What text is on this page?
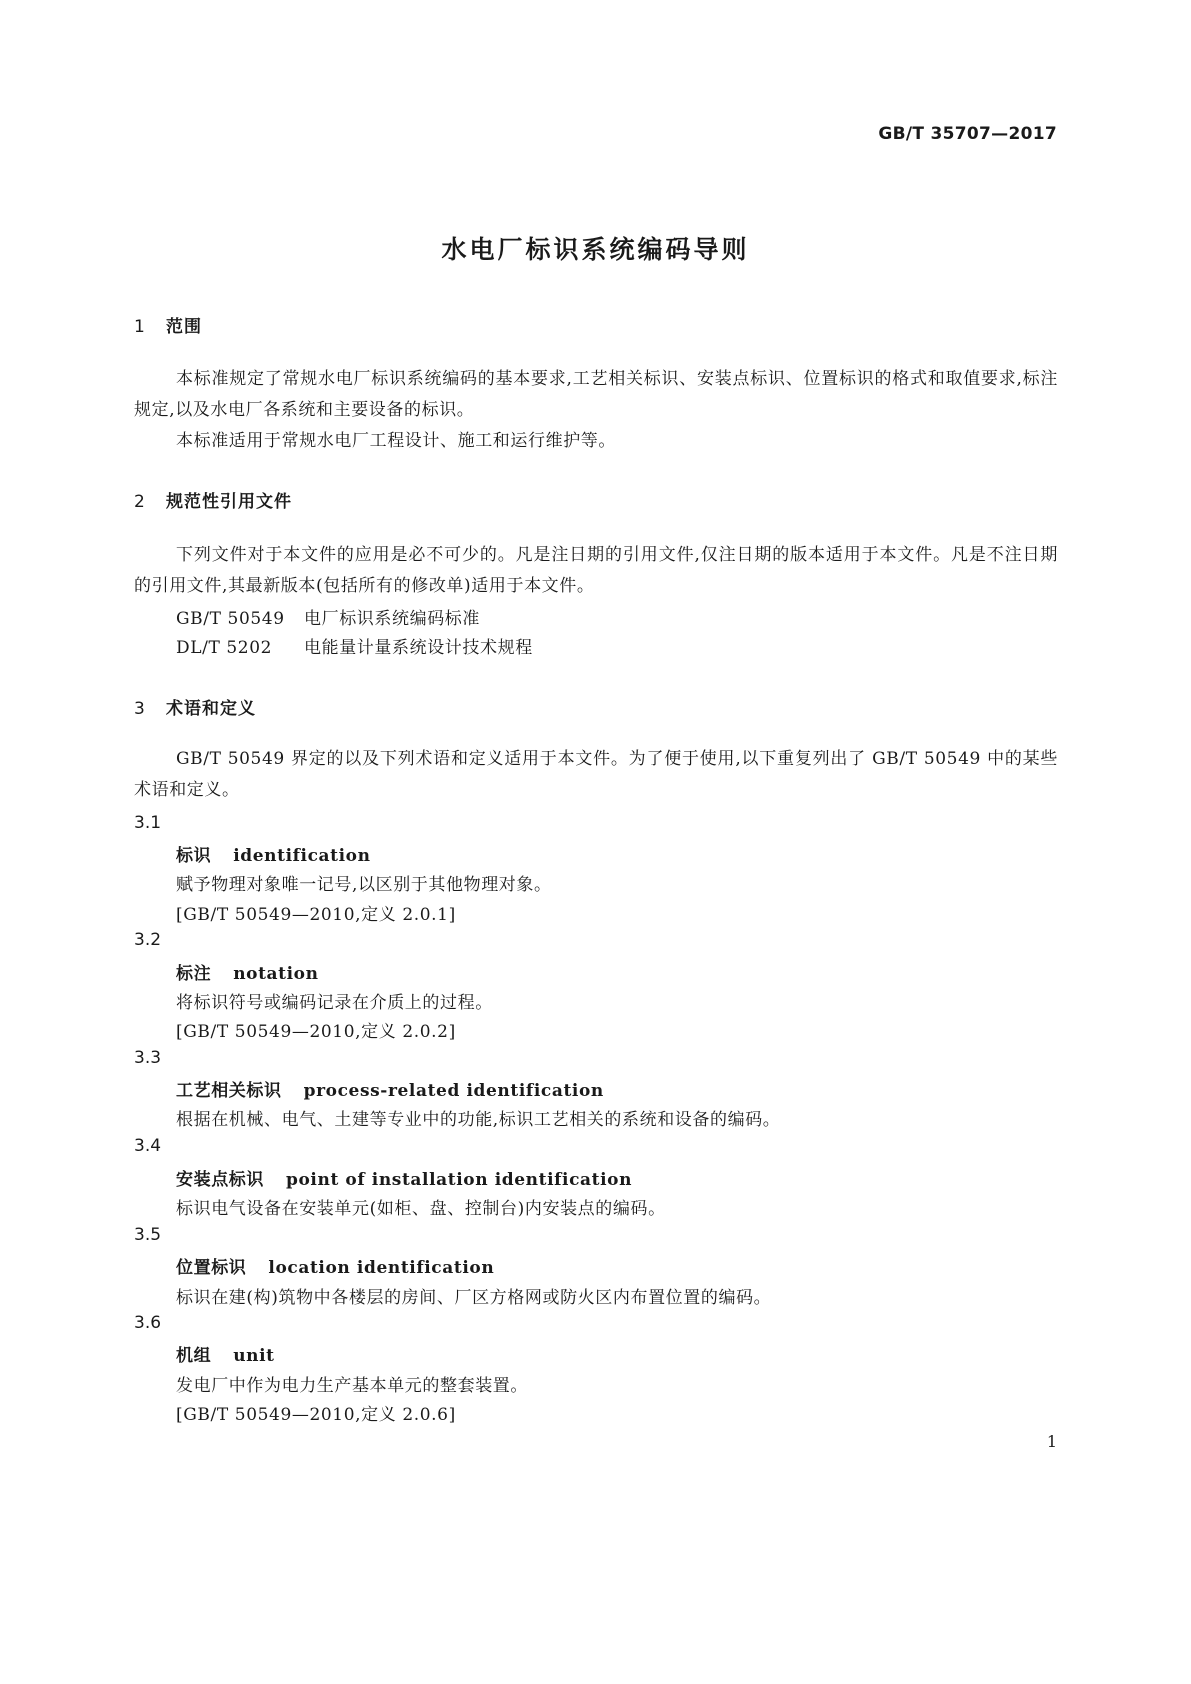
GB/T 35707—2017
水电厂标识系统编码导则
1 范围
本标准规定了常规水电厂标识系统编码的基本要求,工艺相关标识、安装点标识、位置标识的格式和取值要求,标注规定,以及水电厂各系统和主要设备的标识。
本标准适用于常规水电厂工程设计、施工和运行维护等。
2 规范性引用文件
下列文件对于本文件的应用是必不可少的。凡是注日期的引用文件,仅注日期的版本适用于本文件。凡是不注日期的引用文件,其最新版本(包括所有的修改单)适用于本文件。
GB/T 50549 电厂标识系统编码标准
DL/T 5202 电能量计量系统设计技术规程
3 术语和定义
GB/T 50549 界定的以及下列术语和定义适用于本文件。为了便于使用,以下重复列出了 GB/T 50549 中的某些术语和定义。
3.1
标识 identification
赋予物理对象唯一记号,以区别于其他物理对象。
[GB/T 50549—2010,定义 2.0.1]
3.2
标注 notation
将标识符号或编码记录在介质上的过程。
[GB/T 50549—2010,定义 2.0.2]
3.3
工艺相关标识 process-related identification
根据在机械、电气、土建等专业中的功能,标识工艺相关的系统和设备的编码。
3.4
安装点标识 point of installation identification
标识电气设备在安装单元(如柜、盘、控制台)内安装点的编码。
3.5
位置标识 location identification
标识在建(构)筑物中各楼层的房间、厂区方格网或防火区内布置位置的编码。
3.6
机组 unit
发电厂中作为电力生产基本单元的整套装置。
[GB/T 50549—2010,定义 2.0.6]
1
